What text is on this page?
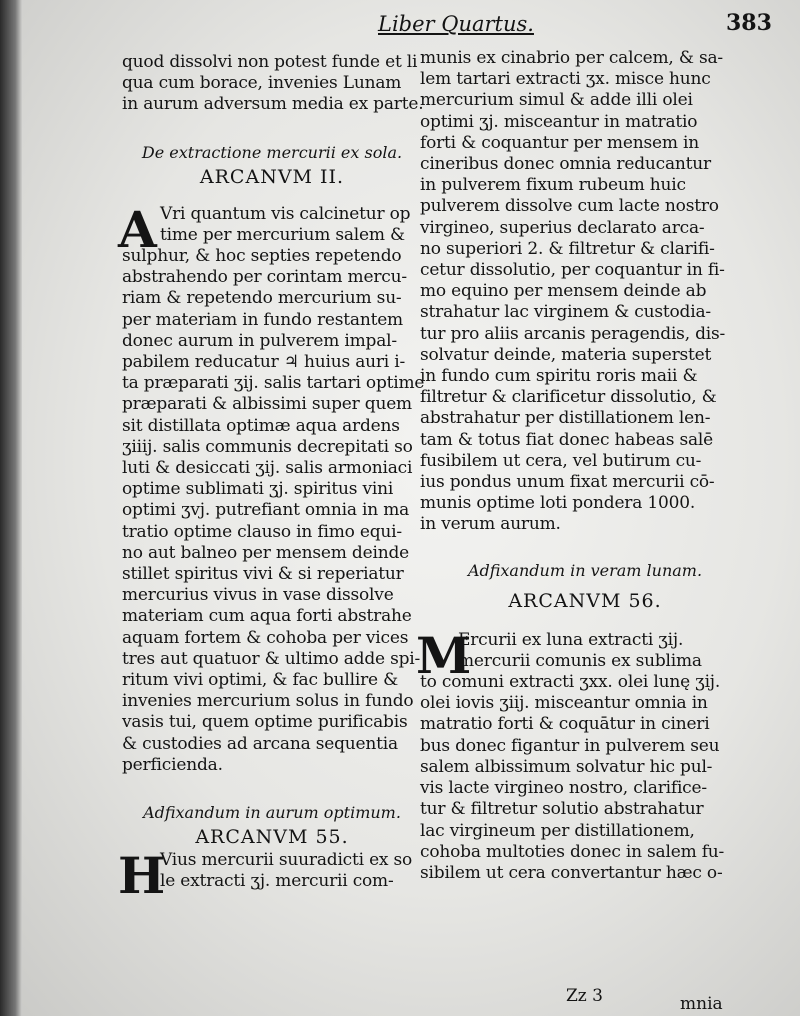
Liber Quartus.	383
quod dissolvi non potest funde et li
qua cum borace, invenies Lunam
in aurum adversum media ex parte.
De extractione mercurii ex sola.
ARCANVM II.
A Vri quantum vis calcinetur op
time per mercurium salem &
sulphur, & hoc septies repetendo
abstrahendo per corintam mercu-
riam & repetendo mercurium su-
per materiam in fundo restantem
donec aurum in pulverem impal-
pabilem reducatur ♃ huius auri i-
ta præparati ʒij. salis tartari optime
præparati & albissimi super quem
sit distillata optimæ aqua ardens
ʒiiij. salis communis decrepitati so
luti & desiccati ʒij. salis armoniaci
optime sublimati ʒj. spiritus vini
optimi ʒvj. putrefiant omnia in ma
tratio optime clauso in fimo equi-
no aut balneo per mensem deinde
stillet spiritus vivi & si reperiatur
mercurius vivus in vase dissolve
materiam cum aqua forti abstrahe
aquam fortem & cohoba per vices
tres aut quatuor & ultimo adde spi-
ritum vivi optimi, & fac bullire &
invenies mercurium solus in fundo
vasis tui, quem optime purificabis
& custodies ad arcana sequentia
perficienda.
Adfixandum in aurum optimum.
ARCANVM 55.
H
Vius mercurii suuradicti ex so
le extracti ʒj. mercurii com-
munis ex cinabrio per calcem, & sa-
lem tartari extracti ʒx. misce hunc
mercurium simul & adde illi olei
optimi ʒj. misceantur in matratio
forti & coquantur per mensem in
cineribus donec omnia reducantur
in pulverem fixum rubeum huic
pulverem dissolve cum lacte nostro
virgineo, superius declarato arca-
no superiori 2. & filtretur & clarifi-
cetur dissolutio, per coquantur in fi-
mo equino per mensem deinde ab
strahatur lac virginem & custodia-
tur pro aliis arcanis peragendis, dis-
solvatur deinde, materia superstet
in fundo cum spiritu roris maii &
filtretur & clarificetur dissolutio, &
abstrahatur per distillationem len-
tam & totus fiat donec habeas salē
fusibilem ut cera, vel butirum cu-
ius pondus unum fixat mercurii cō-
munis optime loti pondera 1000.
in verum aurum.
Adfixandum in veram lunam.
ARCANVM 56.
M
Ercurii ex luna extracti ʒij.
mercurii comunis ex sublima
to comuni extracti ʒxx. olei lunę ʒij.
olei iovis ʒiij. misceantur omnia in
matratio forti & coquātur in cineri
bus donec figantur in pulverem seu
salem albissimum solvatur hic pul-
vis lacte virgineo nostro, clarifice-
tur & filtretur solutio abstrahatur
lac virgineum per distillationem,
cohoba multoties donec in salem fu-
sibilem ut cera convertantur hæc o-
Zz 3	mnia
